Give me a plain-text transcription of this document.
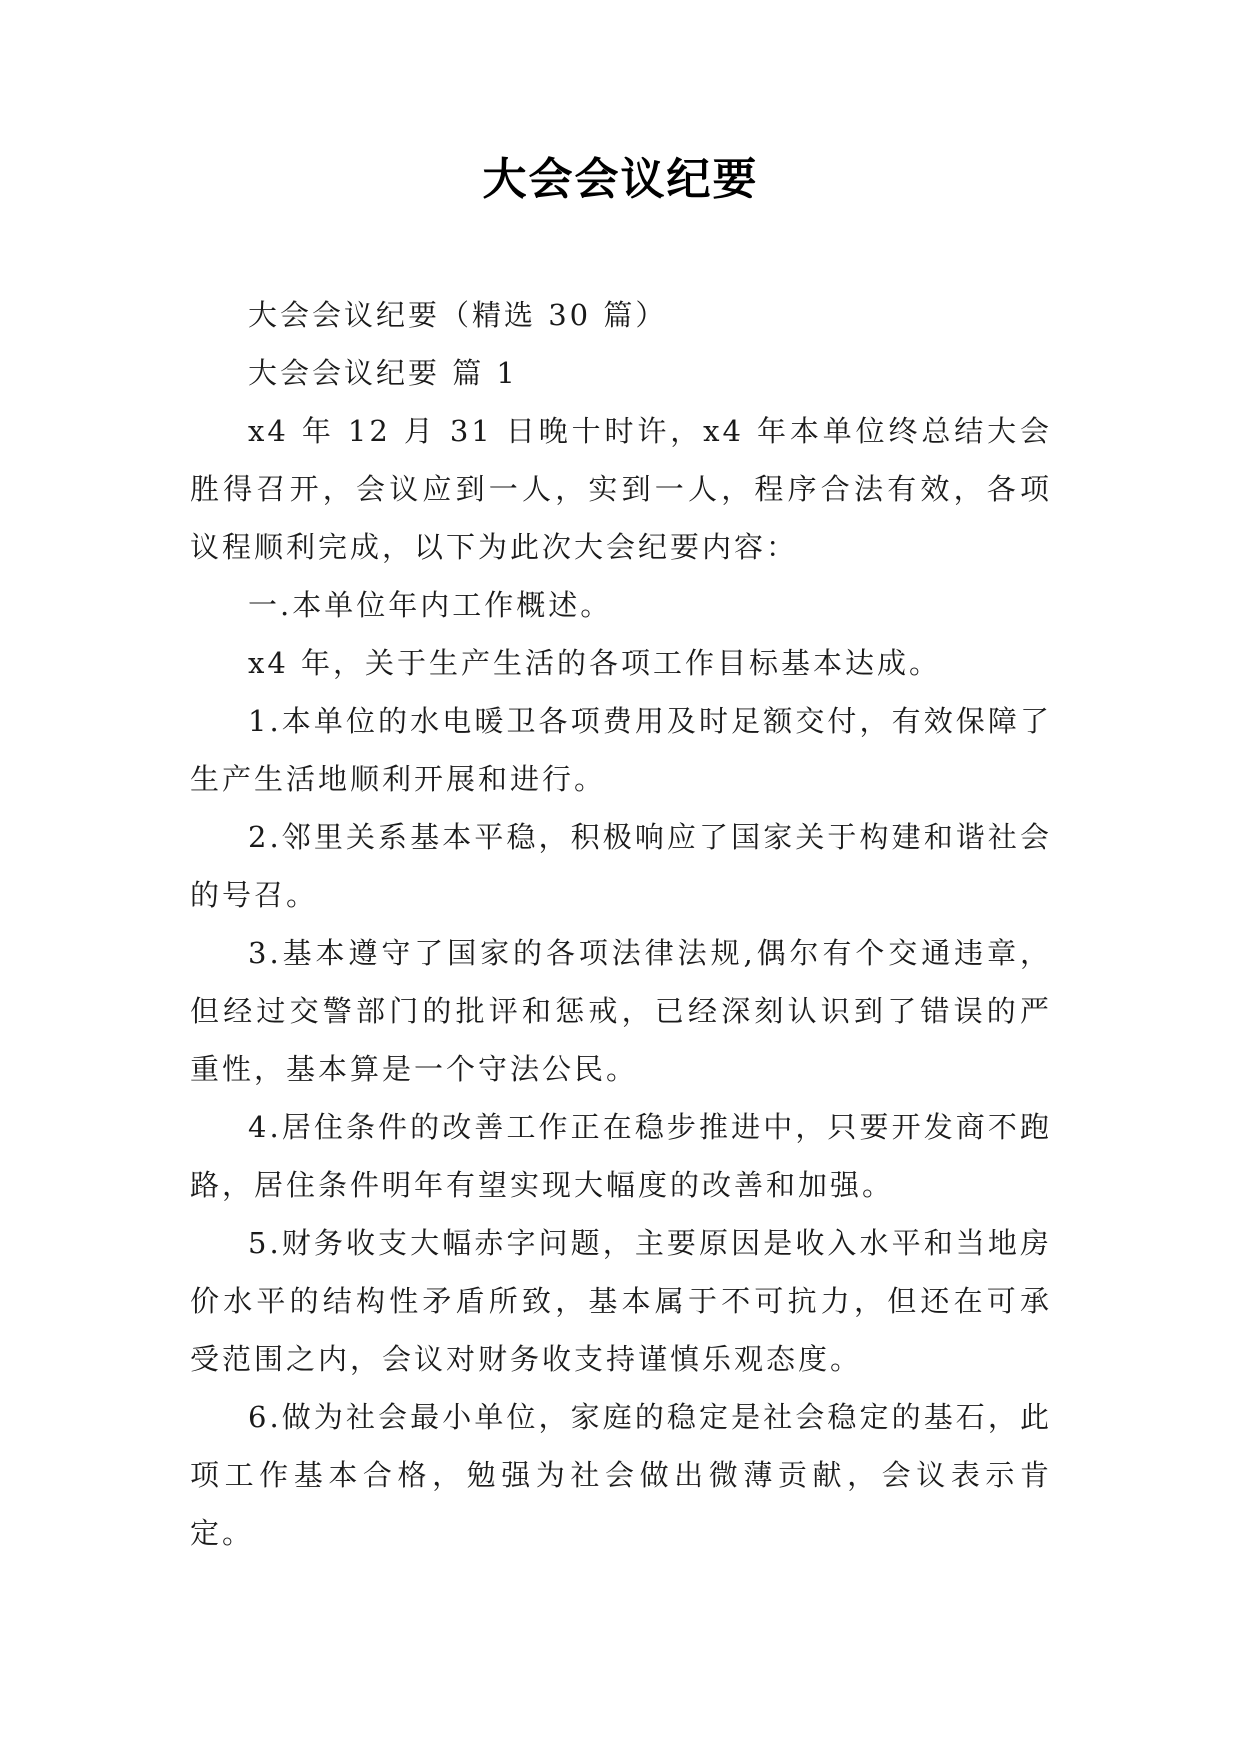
大会会议纪要

大会会议纪要（精选 30 篇）

大会会议纪要 篇 1

x4 年 12 月 31 日晚十时许，x4 年本单位终总结大会胜得召开，会议应到一人，实到一人，程序合法有效，各项议程顺利完成，以下为此次大会纪要内容：

一.本单位年内工作概述。

x4 年，关于生产生活的各项工作目标基本达成。

1.本单位的水电暖卫各项费用及时足额交付，有效保障了生产生活地顺利开展和进行。

2.邻里关系基本平稳，积极响应了国家关于构建和谐社会的号召。

3.基本遵守了国家的各项法律法规,偶尔有个交通违章，但经过交警部门的批评和惩戒，已经深刻认识到了错误的严重性，基本算是一个守法公民。

4.居住条件的改善工作正在稳步推进中，只要开发商不跑路，居住条件明年有望实现大幅度的改善和加强。

5.财务收支大幅赤字问题，主要原因是收入水平和当地房价水平的结构性矛盾所致，基本属于不可抗力，但还在可承受范围之内，会议对财务收支持谨慎乐观态度。

6.做为社会最小单位，家庭的稳定是社会稳定的基石，此项工作基本合格，勉强为社会做出微薄贡献，会议表示肯定。
